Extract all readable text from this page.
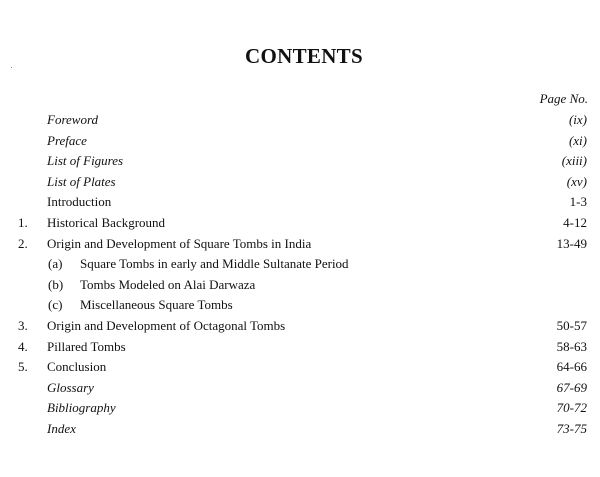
CONTENTS
Page No.
Foreword	(ix)
Preface	(xi)
List of Figures	(xiii)
List of Plates	(xv)
Introduction	1-3
1. Historical Background	4-12
2. Origin and Development of Square Tombs in India	13-49
(a) Square Tombs in early and Middle Sultanate Period
(b) Tombs Modeled on Alai Darwaza
(c) Miscellaneous Square Tombs
3. Origin and Development of Octagonal Tombs	50-57
4. Pillared Tombs	58-63
5. Conclusion	64-66
Glossary	67-69
Bibliography	70-72
Index	73-75
